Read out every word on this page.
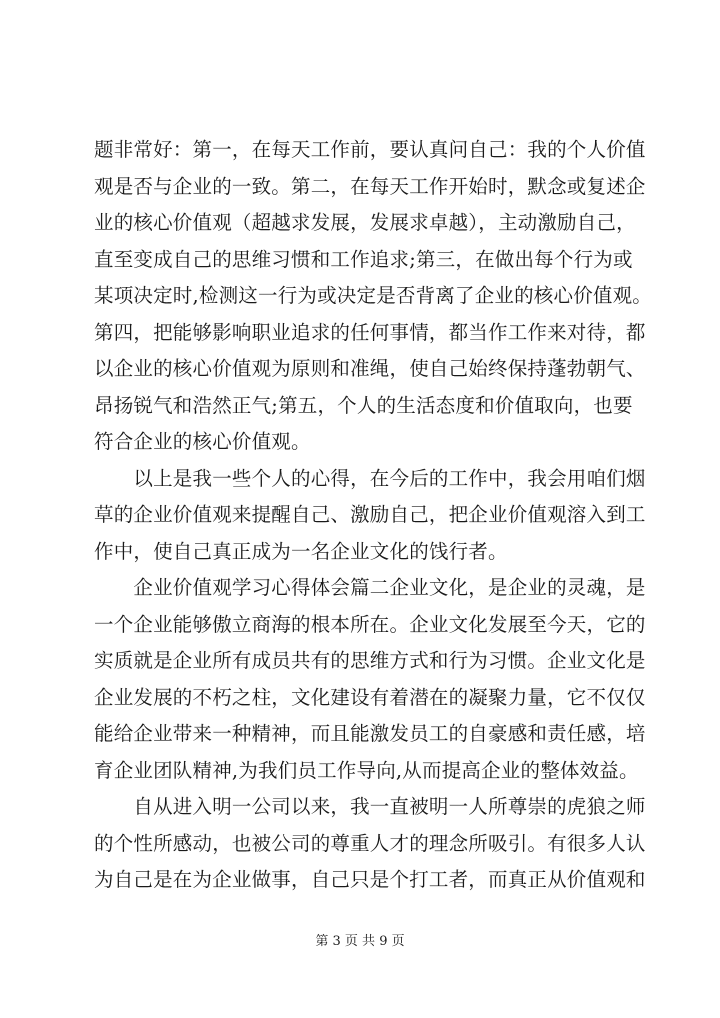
题非常好：第一，在每天工作前，要认真问自己：我的个人价值
观是否与企业的一致。第二，在每天工作开始时，默念或复述企
业的核心价值观（超越求发展，发展求卓越），主动激励自己，
直至变成自己的思维习惯和工作追求;第三，在做出每个行为或
某项决定时,检测这一行为或决定是否背离了企业的核心价值观。
第四，把能够影响职业追求的任何事情，都当作工作来对待，都
以企业的核心价值观为原则和准绳，使自己始终保持蓬勃朝气、
昂扬锐气和浩然正气;第五，个人的生活态度和价值取向，也要
符合企业的核心价值观。
　　以上是我一些个人的心得，在今后的工作中，我会用咱们烟
草的企业价值观来提醒自己、激励自己，把企业价值观溶入到工
作中，使自己真正成为一名企业文化的饯行者。
　　企业价值观学习心得体会篇二企业文化，是企业的灵魂，是
一个企业能够傲立商海的根本所在。企业文化发展至今天，它的
实质就是企业所有成员共有的思维方式和行为习惯。企业文化是
企业发展的不朽之柱，文化建设有着潜在的凝聚力量，它不仅仅
能给企业带来一种精神，而且能激发员工的自豪感和责任感，培
育企业团队精神,为我们员工作导向,从而提高企业的整体效益。
　　自从进入明一公司以来，我一直被明一人所尊崇的虎狼之师
的个性所感动，也被公司的尊重人才的理念所吸引。有很多人认
为自己是在为企业做事，自己只是个打工者，而真正从价值观和
第 3 页 共 9 页
